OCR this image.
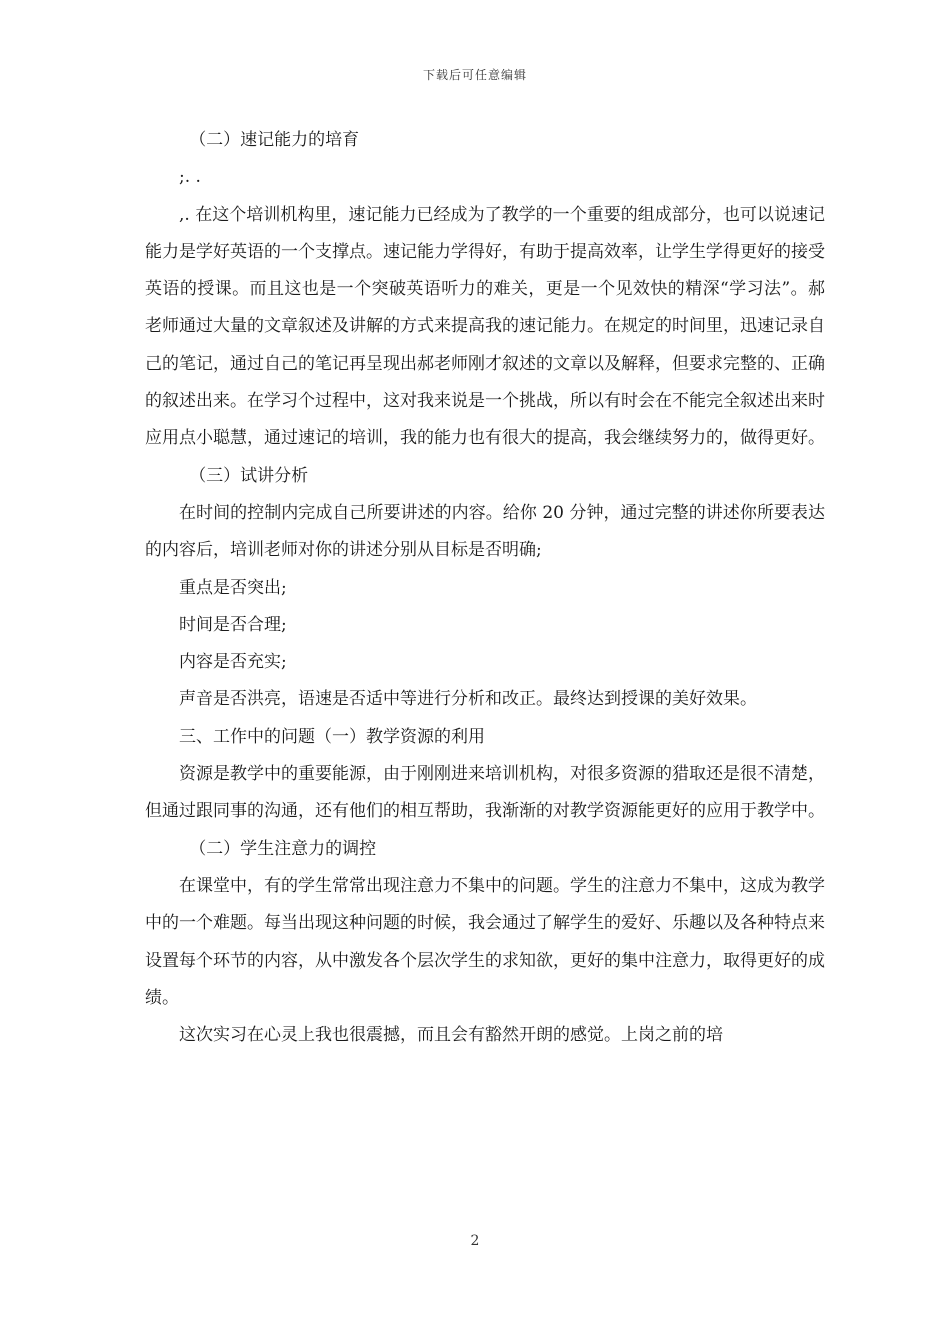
下载后可任意编辑

（二）速记能力的培育

;. .

,. 在这个培训机构里，速记能力已经成为了教学的一个重要的组成部分，也可以说速记能力是学好英语的一个支撑点。速记能力学得好，有助于提高效率，让学生学得更好的接受英语的授课。而且这也是一个突破英语听力的难关，更是一个见效快的精深“学习法”。郝老师通过大量的文章叙述及讲解的方式来提高我的速记能力。在规定的时间里，迅速记录自己的笔记，通过自己的笔记再呈现出郝老师刚才叙述的文章以及解释，但要求完整的、正确的叙述出来。在学习个过程中，这对我来说是一个挑战，所以有时会在不能完全叙述出来时应用点小聪慧，通过速记的培训，我的能力也有很大的提高，我会继续努力的，做得更好。

（三）试讲分析

在时间的控制内完成自己所要讲述的内容。给你 20 分钟，通过完整的讲述你所要表达的内容后，培训老师对你的讲述分别从目标是否明确;

重点是否突出;

时间是否合理;

内容是否充实;

声音是否洪亮，语速是否适中等进行分析和改正。最终达到授课的美好效果。

三、工作中的问题（一）教学资源的利用

资源是教学中的重要能源，由于刚刚进来培训机构，对很多资源的猎取还是很不清楚，但通过跟同事的沟通，还有他们的相互帮助，我渐渐的对教学资源能更好的应用于教学中。

（二）学生注意力的调控

在课堂中，有的学生常常出现注意力不集中的问题。学生的注意力不集中，这成为教学中的一个难题。每当出现这种问题的时候，我会通过了解学生的爱好、乐趣以及各种特点来设置每个环节的内容，从中激发各个层次学生的求知欲，更好的集中注意力，取得更好的成绩。

这次实习在心灵上我也很震撼，而且会有豁然开朗的感觉。上岗之前的培

2
